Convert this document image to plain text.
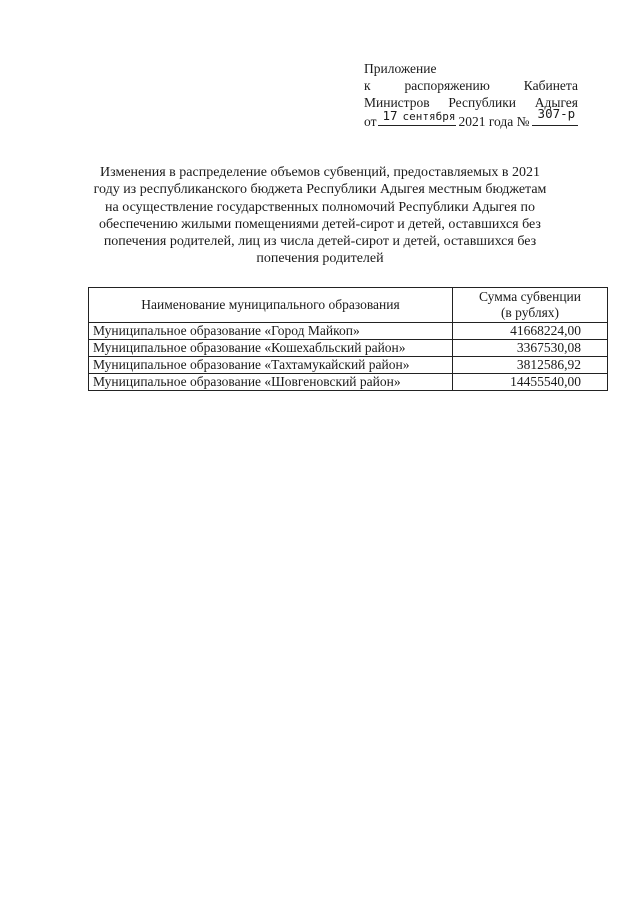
Приложение
к	распоряжению	Кабинета
Министров Республики Адыгея
от 17 сентября 2021 года №
307-р
Изменения в распределение объемов субвенций, предоставляемых в 2021 году из республиканского бюджета Республики Адыгея местным бюджетам на осуществление государственных полномочий Республики Адыгея по обеспечению жилыми помещениями детей-сирот и детей, оставшихся без попечения родителей, лиц из числа детей-сирот и детей, оставшихся без попечения родителей
Наименование муниципального образования	Сумма субвенции
(в рублях)

Муниципальное образование «Город Майкоп»	41668224,00
Муниципальное образование «Кошехабльский район»	3367530,08
Муниципальное образование «Тахтамукайский район»	3812586,92
Муниципальное образование «Шовгеновский район»	14455540,00
